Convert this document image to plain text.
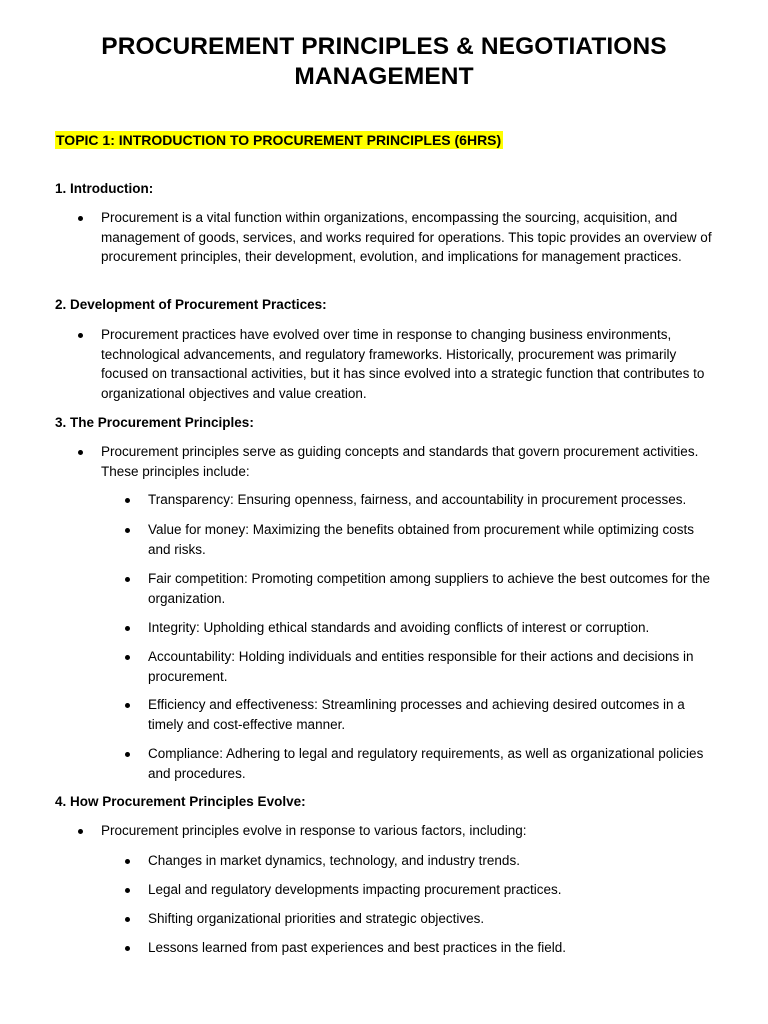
PROCUREMENT PRINCIPLES & NEGOTIATIONS MANAGEMENT

TOPIC 1: INTRODUCTION TO PROCUREMENT PRINCIPLES (6HRS)

1. Introduction:

Procurement is a vital function within organizations, encompassing the sourcing, acquisition, and management of goods, services, and works required for operations. This topic provides an overview of procurement principles, their development, evolution, and implications for management practices.

2. Development of Procurement Practices:

Procurement practices have evolved over time in response to changing business environments, technological advancements, and regulatory frameworks. Historically, procurement was primarily focused on transactional activities, but it has since evolved into a strategic function that contributes to organizational objectives and value creation.

3. The Procurement Principles:

Procurement principles serve as guiding concepts and standards that govern procurement activities. These principles include:

Transparency: Ensuring openness, fairness, and accountability in procurement processes.

Value for money: Maximizing the benefits obtained from procurement while optimizing costs and risks.

Fair competition: Promoting competition among suppliers to achieve the best outcomes for the organization.

Integrity: Upholding ethical standards and avoiding conflicts of interest or corruption.

Accountability: Holding individuals and entities responsible for their actions and decisions in procurement.

Efficiency and effectiveness: Streamlining processes and achieving desired outcomes in a timely and cost-effective manner.

Compliance: Adhering to legal and regulatory requirements, as well as organizational policies and procedures.

4. How Procurement Principles Evolve:

Procurement principles evolve in response to various factors, including:

Changes in market dynamics, technology, and industry trends.

Legal and regulatory developments impacting procurement practices.

Shifting organizational priorities and strategic objectives.

Lessons learned from past experiences and best practices in the field.
